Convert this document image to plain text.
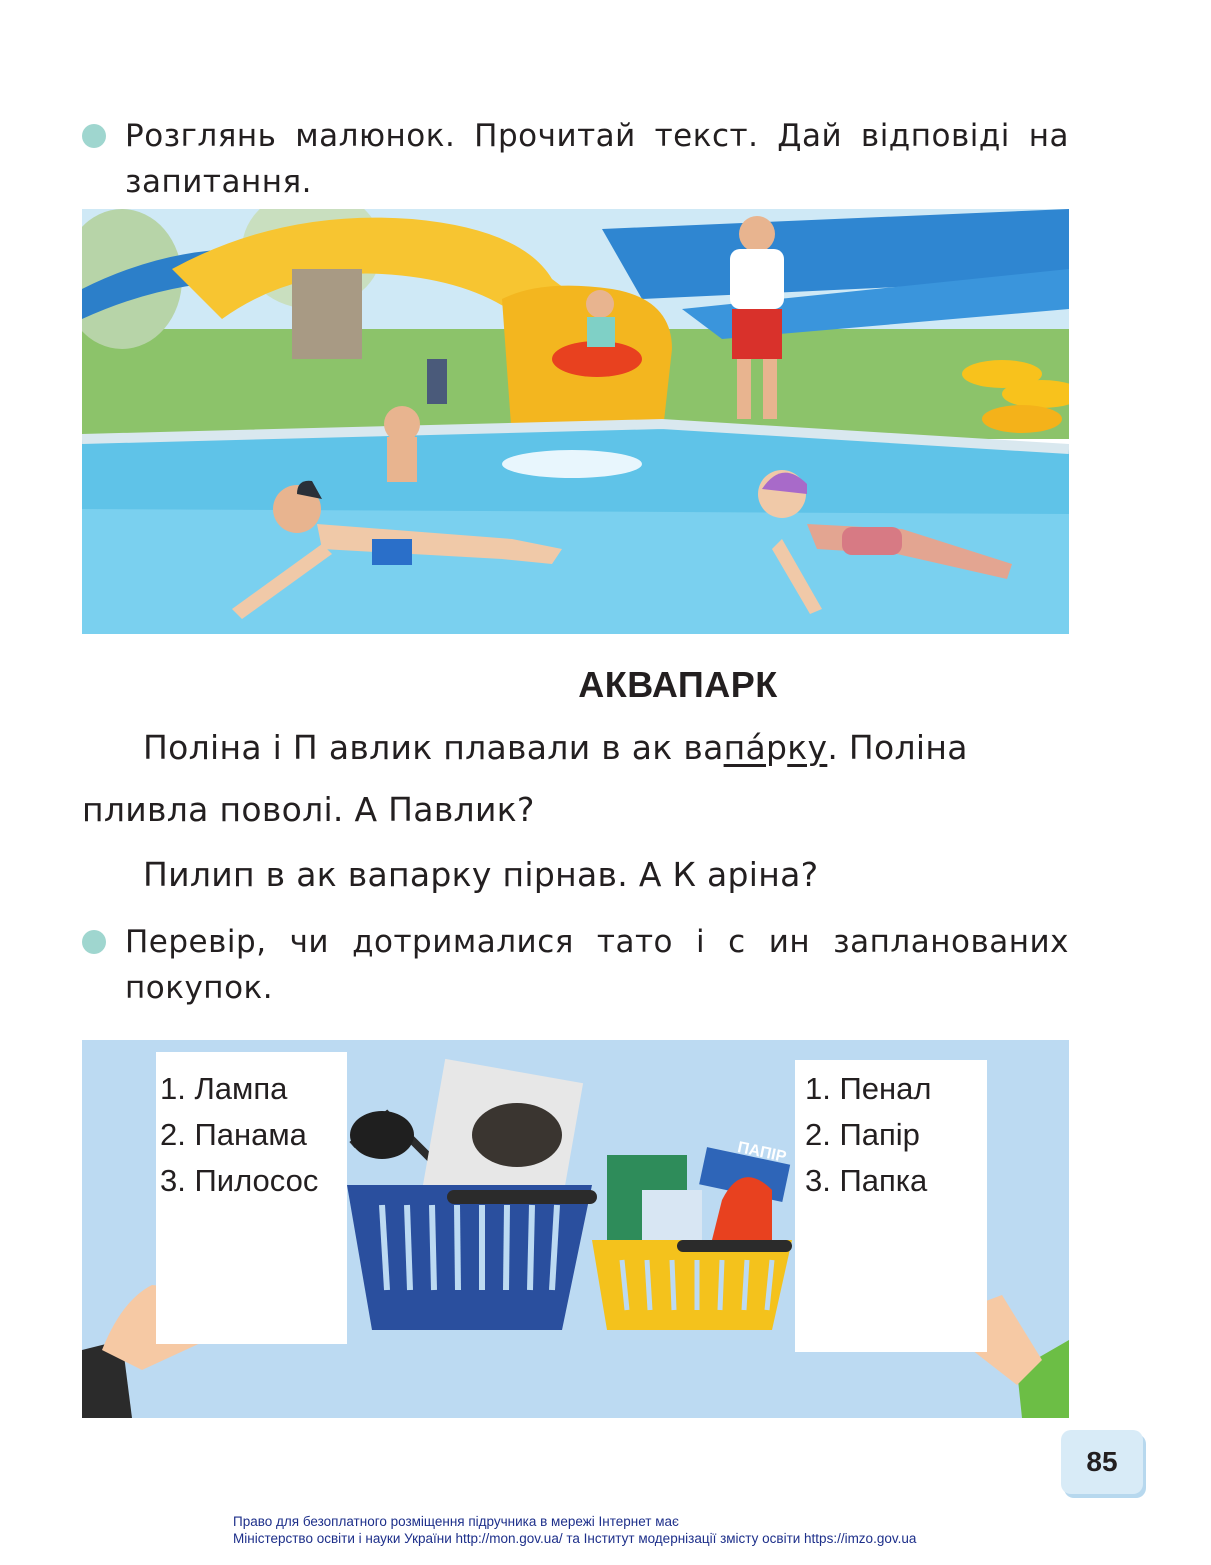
Розглянь малюнок. Прочитай текст. Дай відповіді на
запитання.
АКВАПАРК
Поліна і П авлик плавали в ак вапа́рку. Поліна
пливла поволі. А Павлик?
Пилип в ак вапарку пірнав. А К аріна?
Перевір, чи дотрималися тато і с ин запланованих
покупок.
ПАПІР
1. Лампа
2. Панама
3. Пилосос
1. Пенал
2. Папір
3. Папка
85
Право для безоплатного розміщення підручника в мережі Інтернет має
Міністерство освіти і науки України http://mon.gov.ua/ та Інститут модернізації змісту освіти https://imzo.gov.ua
